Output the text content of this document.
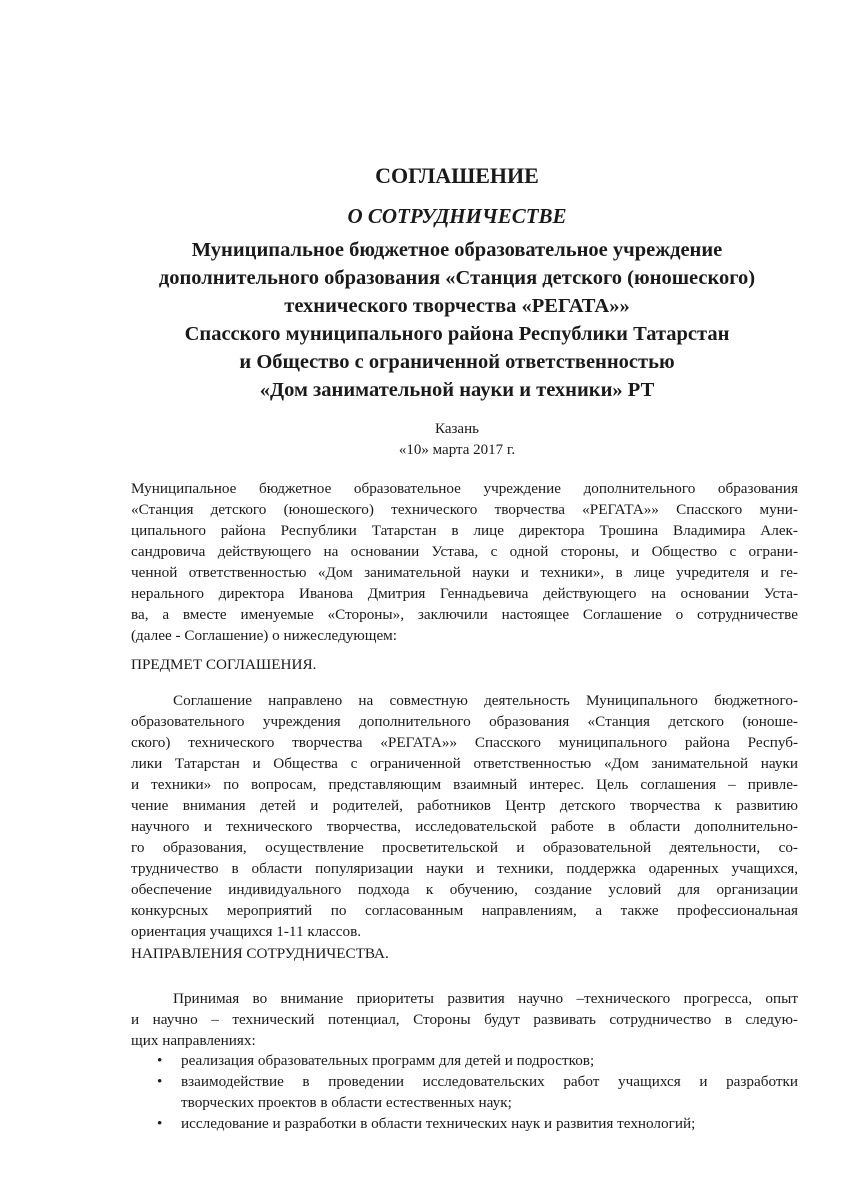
СОГЛАШЕНИЕ
О СОТРУДНИЧЕСТВЕ
Муниципальное бюджетное образовательное учреждение
дополнительного образования «Станция детского (юношеского)
технического творчества «РЕГАТА»»
Спасского муниципального района Республики Татарстан
и Общество с ограниченной ответственностью
«Дом занимательной науки и техники» РТ
Казань
«10» марта 2017 г.
Муниципальное бюджетное образовательное учреждение дополнительного образования
«Станция детского (юношеского) технического творчества «РЕГАТА»» Спасского муни-
ципального района Республики Татарстан в лице директора Трошина Владимира Алек-
сандровича действующего на основании Устава, с одной стороны, и Общество с ограни-
ченной ответственностью «Дом занимательной науки и техники», в лице учредителя и ге-
нерального директора Иванова Дмитрия Геннадьевича действующего на основании Уста-
ва, а вместе именуемые «Стороны», заключили настоящее Соглашение о сотрудничестве
(далее - Соглашение) о нижеследующем:
ПРЕДМЕТ СОГЛАШЕНИЯ.
Соглашение направлено на совместную деятельность Муниципального бюджетного-
образовательного учреждения дополнительного образования «Станция детского (юноше-
ского) технического творчества «РЕГАТА»» Спасского муниципального района Респуб-
лики Татарстан и Общества с ограниченной ответственностью «Дом занимательной науки
и техники» по вопросам, представляющим взаимный интерес. Цель соглашения – привле-
чение внимания детей и родителей, работников Центр детского творчества к развитию
научного и технического творчества, исследовательской работе в области дополнительно-
го образования, осуществление просветительской и образовательной деятельности, со-
трудничество в области популяризации науки и техники, поддержка одаренных учащихся,
обеспечение индивидуального подхода к обучению, создание условий для организации
конкурсных мероприятий по согласованным направлениям, а также профессиональная
ориентация учащихся 1-11 классов.
НАПРАВЛЕНИЯ СОТРУДНИЧЕСТВА.
Принимая во внимание приоритеты развития научно –технического прогресса, опыт
и научно – технический потенциал, Стороны будут развивать сотрудничество в следую-
щих направлениях:
• реализация образовательных программ для детей и подростков;
• взаимодействие в проведении исследовательских работ учащихся и разработки
творческих проектов в области естественных наук;
• исследование и разработки в области технических наук и развития технологий;
